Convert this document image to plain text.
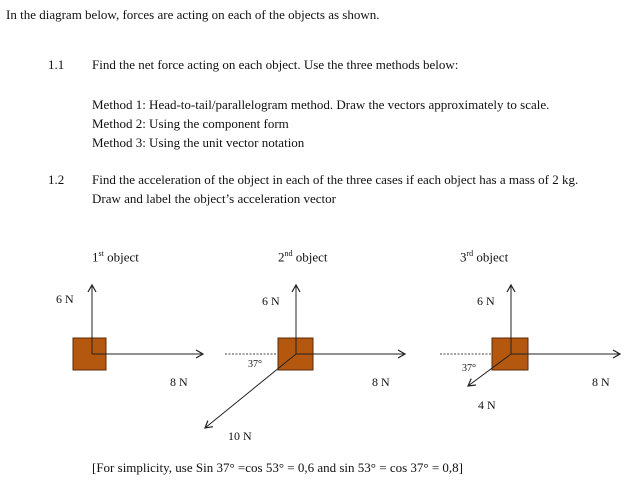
In the diagram below, forces are acting on each of the objects as shown.
1.1 Find the net force acting on each object. Use the three methods below:
Method 1: Head-to-tail/parallelogram method. Draw the vectors approximately to scale.
Method 2: Using the component form
Method 3: Using the unit vector notation
1.2 Find the acceleration of the object in each of the three cases if each object has a mass of 2 kg.
Draw and label the object’s acceleration vector
1st object	2nd object	3rd object
6 N
8 N
6 N
8 N
37°
10 N
6 N
8 N
37°
4 N
[For simplicity, use Sin 37° =cos 53° = 0,6 and sin 53° = cos 37° = 0,8]
